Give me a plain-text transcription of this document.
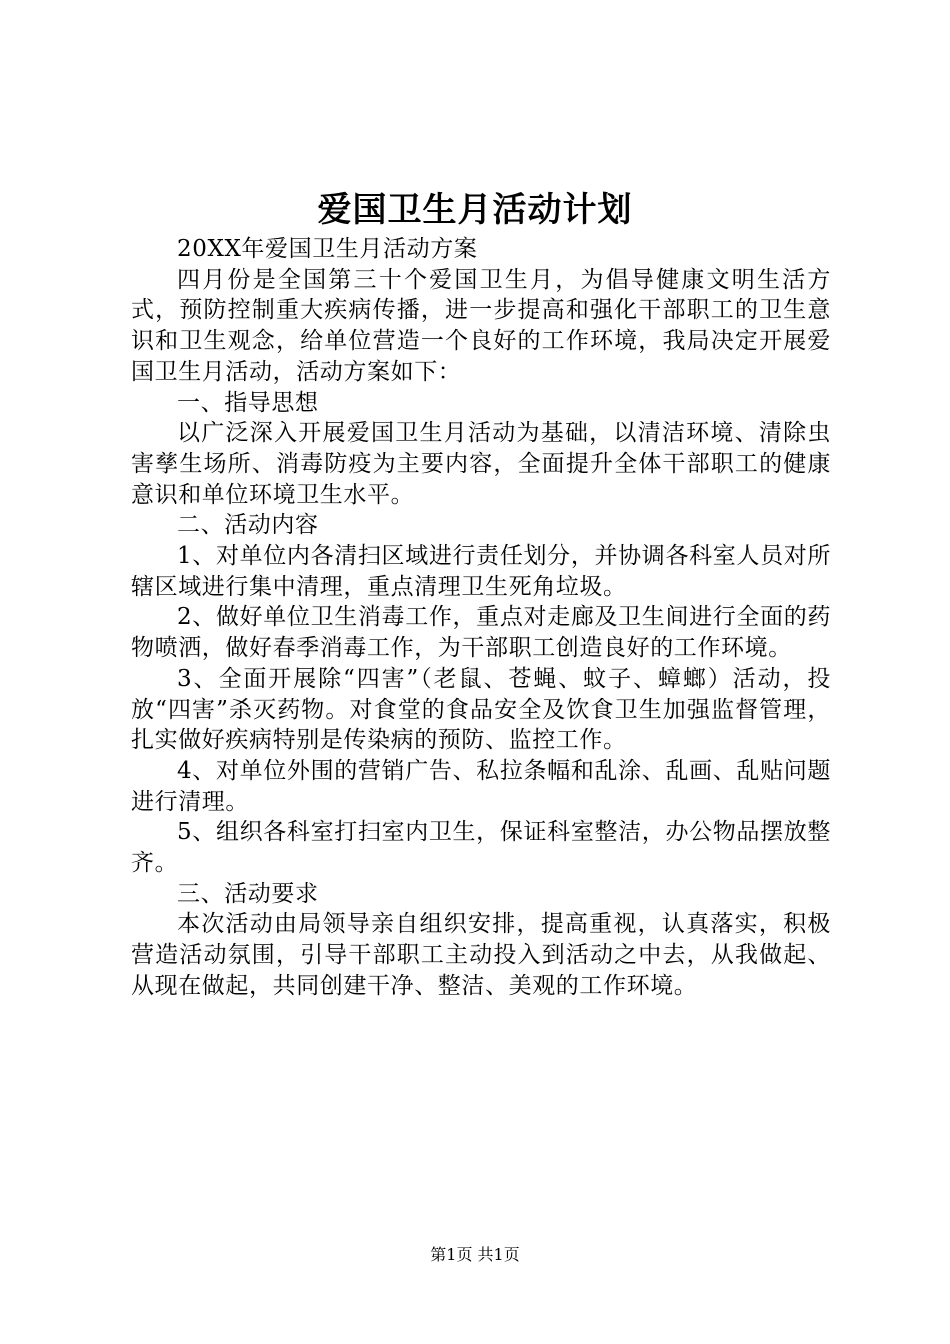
爱国卫生月活动计划

20XX年爱国卫生月活动方案

四月份是全国第三十个爱国卫生月，为倡导健康文明生活方式，预防控制重大疾病传播，进一步提高和强化干部职工的卫生意识和卫生观念，给单位营造一个良好的工作环境，我局决定开展爱国卫生月活动，活动方案如下：

一、指导思想

以广泛深入开展爱国卫生月活动为基础，以清洁环境、清除虫害孳生场所、消毒防疫为主要内容，全面提升全体干部职工的健康意识和单位环境卫生水平。

二、活动内容

1、对单位内各清扫区域进行责任划分，并协调各科室人员对所辖区域进行集中清理，重点清理卫生死角垃圾。

2、做好单位卫生消毒工作，重点对走廊及卫生间进行全面的药物喷洒，做好春季消毒工作，为干部职工创造良好的工作环境。

3、全面开展除“四害”（老鼠、苍蝇、蚊子、蟑螂）活动，投放“四害”杀灭药物。对食堂的食品安全及饮食卫生加强监督管理，扎实做好疾病特别是传染病的预防、监控工作。

4、对单位外围的营销广告、私拉条幅和乱涂、乱画、乱贴问题进行清理。

5、组织各科室打扫室内卫生，保证科室整洁，办公物品摆放整齐。

三、活动要求

本次活动由局领导亲自组织安排，提高重视，认真落实，积极营造活动氛围，引导干部职工主动投入到活动之中去，从我做起、从现在做起，共同创建干净、整洁、美观的工作环境。

第1页 共1页
